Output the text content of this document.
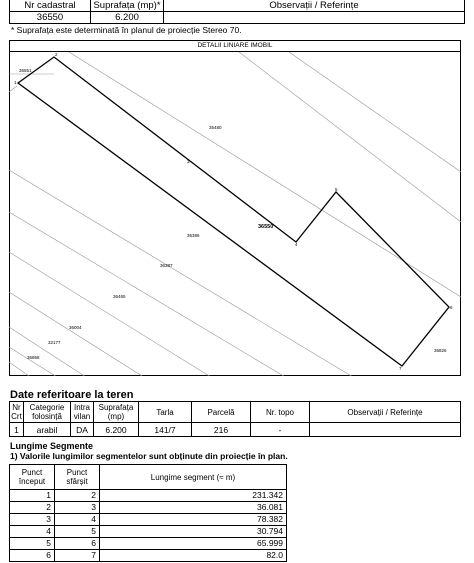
Nr cadastral	Suprafața (mp)*	Observații / Referințe
36550	6.200	
* Suprafața este determinată în planul de proiecție Stereo 70.
DETALII LINIARE IMOBIL
1
2
3
4
5
6
7
36551
35480
36550
36386
36387
36465
36004
32177
36868
36826
Date referitoare la teren
Nr Crt	Categorie folosință	Intra vilan	Suprafața (mp)	Tarla	Parcelă	Nr. topo	Observații / Referințe
1	arabil	DA	6.200	141/7	216	-	
Lungime Segmente
1) Valorile lungimilor segmentelor sunt obținute din proiecție în plan.
Punct început	Punct sfârșit	Lungime segment (≈ m)
1	2	231.342
2	3	36.081
3	4	78.382
4	5	30.794
5	6	65.999
6	7	82.0
